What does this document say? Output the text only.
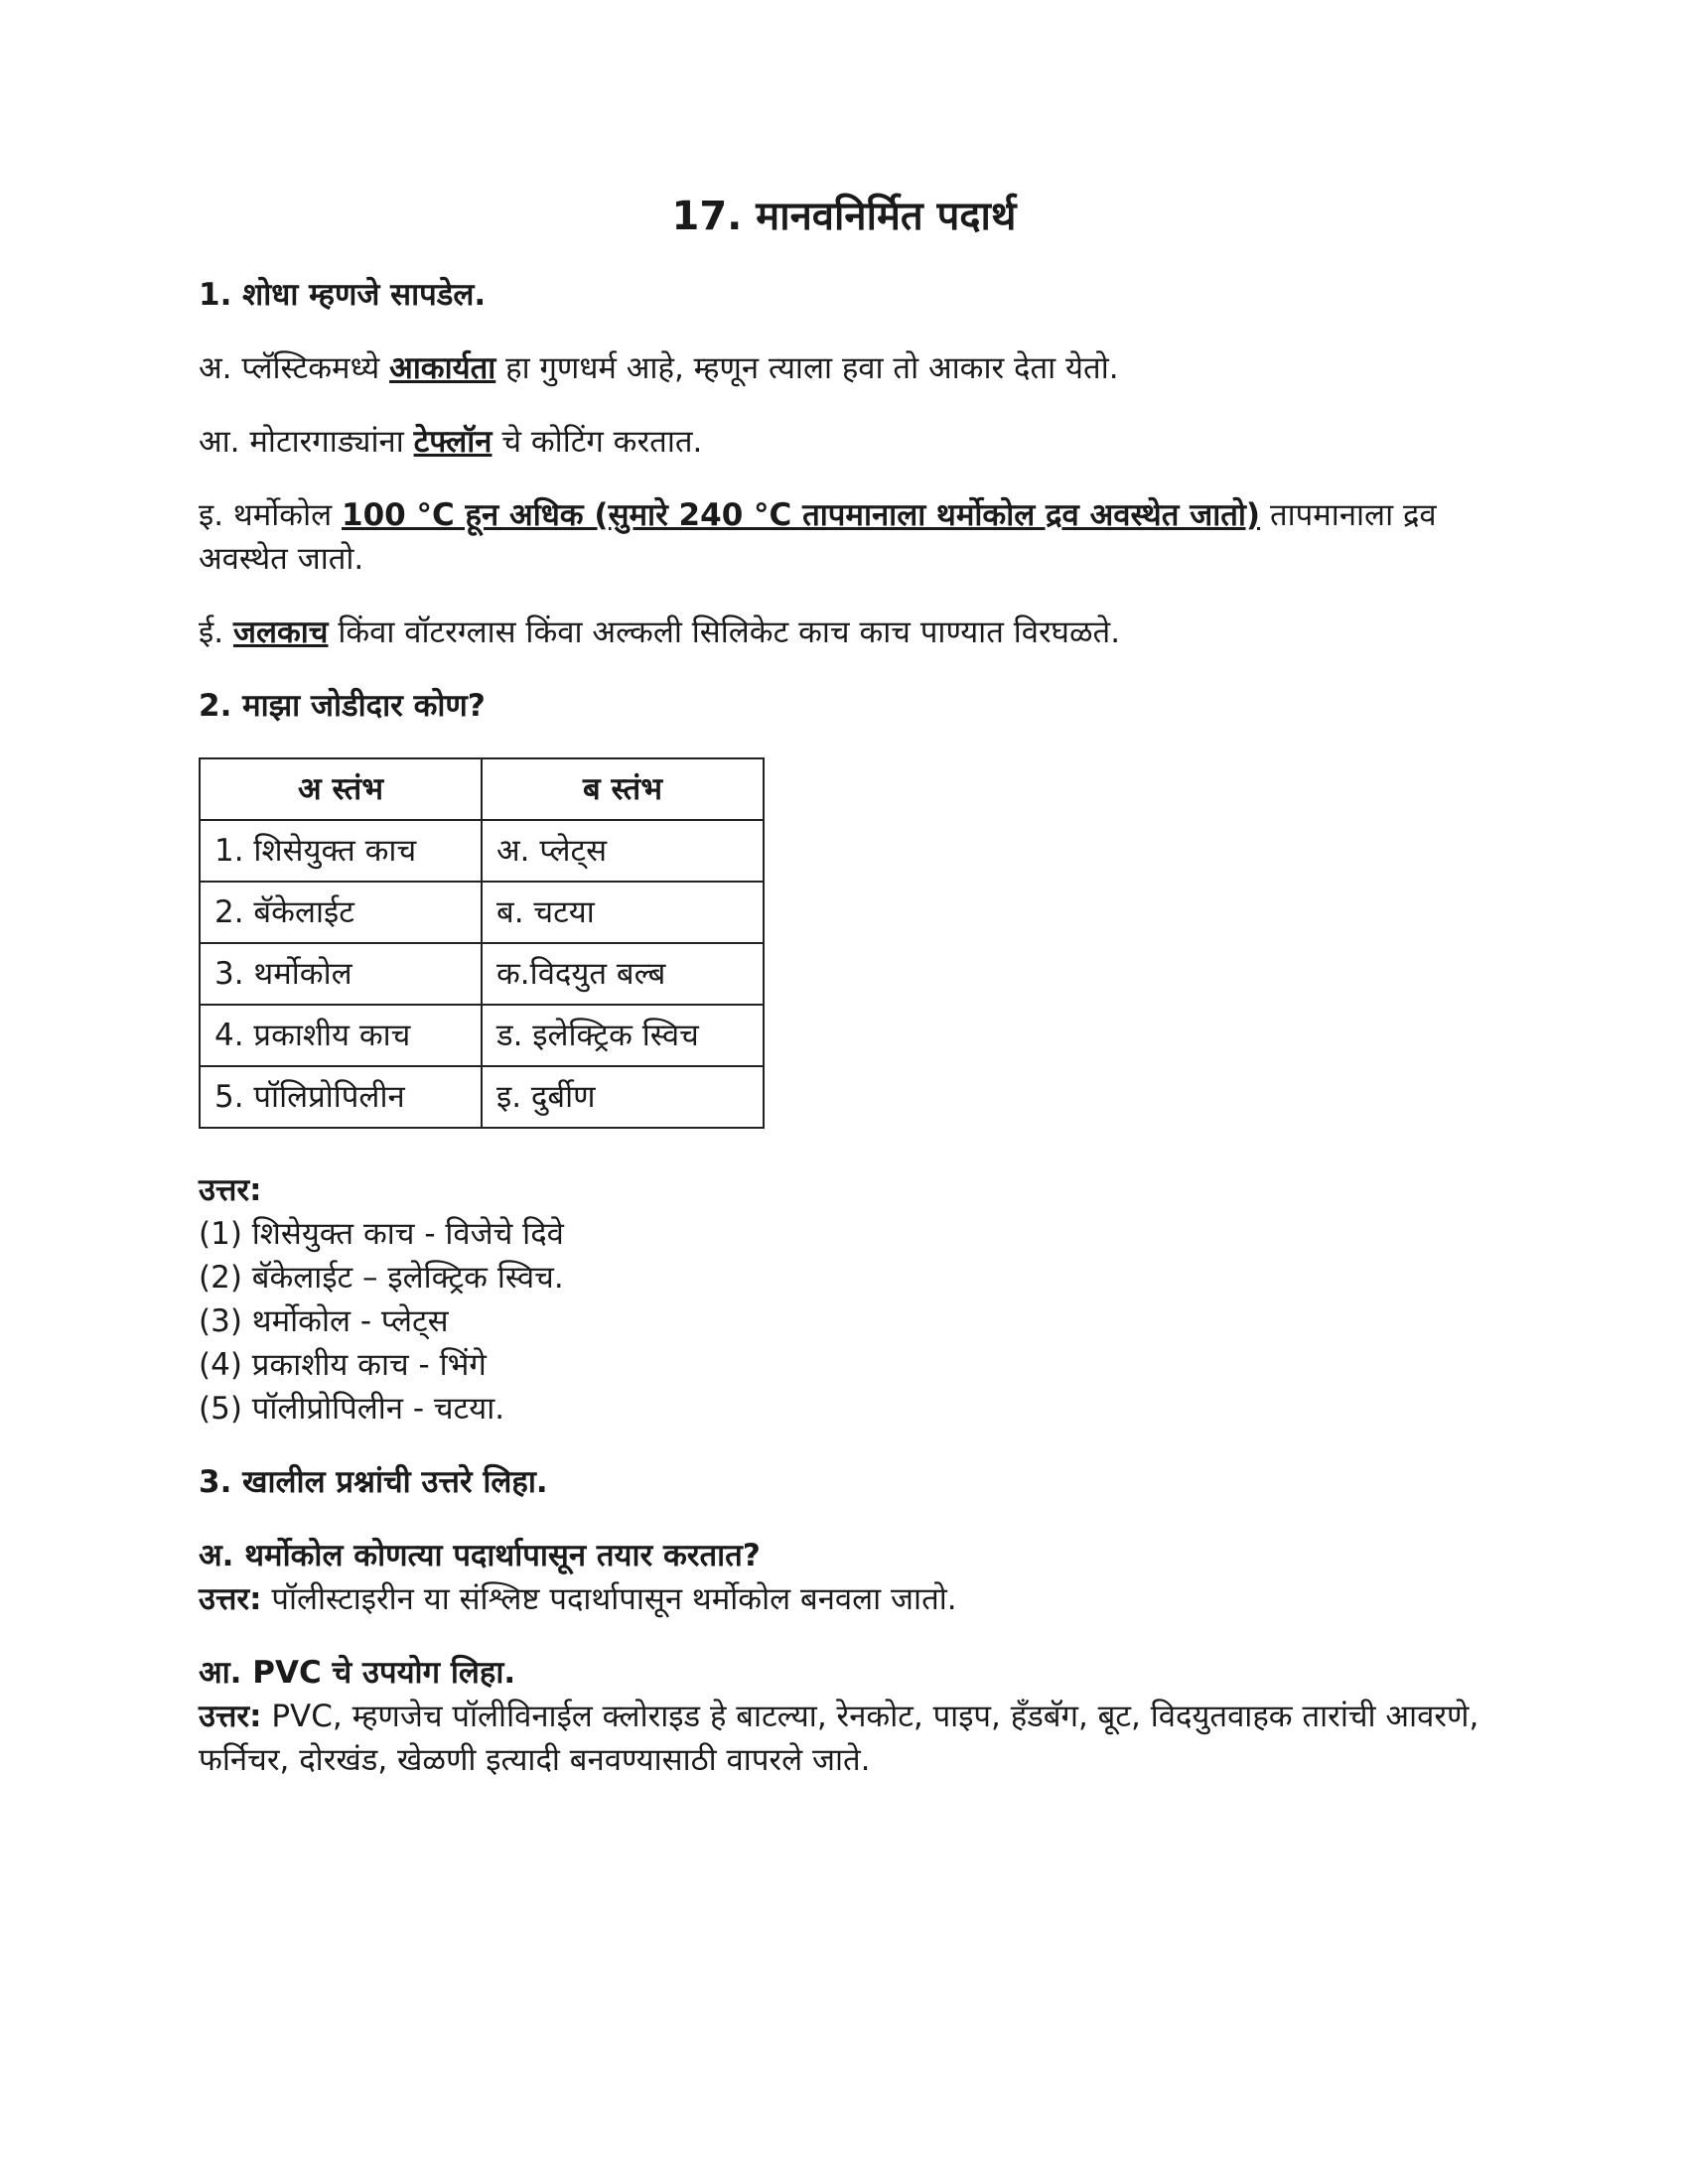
17. मानवनिर्मित पदार्थ
1. शोधा म्हणजे सापडेल.
अ. प्लॅस्टिकमध्ये आकार्यता हा गुणधर्म आहे, म्हणून त्याला हवा तो आकार देता येतो.
आ. मोटारगाड्यांना टेफ्लॉन चे कोटिंग करतात.
इ. थर्मोकोल 100 °C हून अधिक (सुमारे 240 °C तापमानाला थर्मोकोल द्रव अवस्थेत जातो) तापमानाला द्रव अवस्थेत जातो.
ई. जलकाच किंवा वॉटरग्लास किंवा अल्कली सिलिकेट काच काच पाण्यात विरघळते.
2. माझा जोडीदार कोण?
अ स्तंभ	ब स्तंभ
1. शिसेयुक्त काच	अ. प्लेट्स
2. बॅकेलाईट	ब. चटया
3. थर्मोकोल	क.विदयुत बल्ब
4. प्रकाशीय काच	ड. इलेक्ट्रिक स्विच
5. पॉलिप्रोपिलीन	इ. दुर्बीण
उत्तर:
(1) शिसेयुक्त काच - विजेचे दिवे
(2) बॅकेलाईट – इलेक्ट्रिक स्विच.
(3) थर्मोकोल - प्लेट्स
(4) प्रकाशीय काच - भिंगे
(5) पॉलीप्रोपिलीन - चटया.
3. खालील प्रश्नांची उत्तरे लिहा.
अ. थर्मोकोल कोणत्या पदार्थापासून तयार करतात?
उत्तर: पॉलीस्टाइरीन या संश्लिष्ट पदार्थापासून थर्मोकोल बनवला जातो.
आ. PVC चे उपयोग लिहा.
उत्तर: PVC, म्हणजेच पॉलीविनाईल क्लोराइड हे बाटल्या, रेनकोट, पाइप, हँडबॅग, बूट, विदयुतवाहक तारांची आवरणे, फर्निचर, दोरखंड, खेळणी इत्यादी बनवण्यासाठी वापरले जाते.
